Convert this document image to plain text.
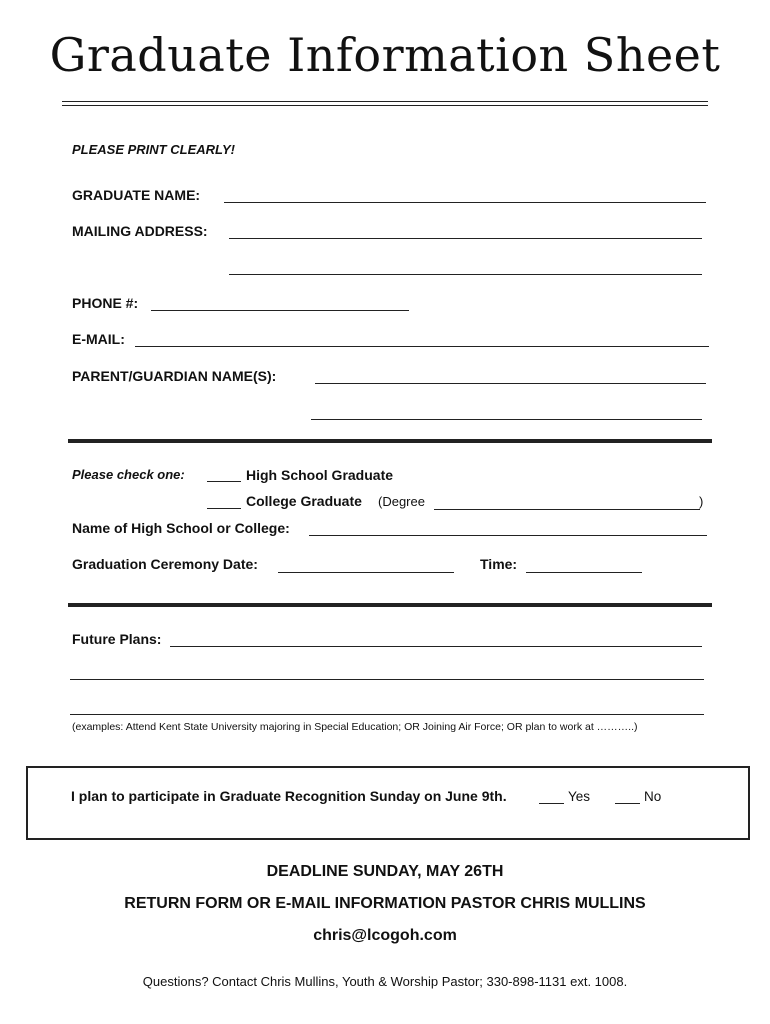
Graduate Information Sheet
PLEASE PRINT CLEARLY!
GRADUATE NAME:
MAILING ADDRESS:
PHONE #:
E-MAIL:
PARENT/GUARDIAN NAME(S):
Please check one:	High School Graduate
College Graduate (Degree	)
Name of High School or College:
Graduation Ceremony Date:	Time:
Future Plans:
(examples: Attend Kent State University majoring in Special Education; OR Joining Air Force; OR plan to work at ………..)
I plan to participate in Graduate Recognition Sunday on June 9th.	Yes	No
DEADLINE SUNDAY, MAY 26TH
RETURN FORM OR E-MAIL INFORMATION PASTOR CHRIS MULLINS
chris@lcogoh.com
Questions? Contact Chris Mullins, Youth & Worship Pastor; 330-898-1131 ext. 1008.
